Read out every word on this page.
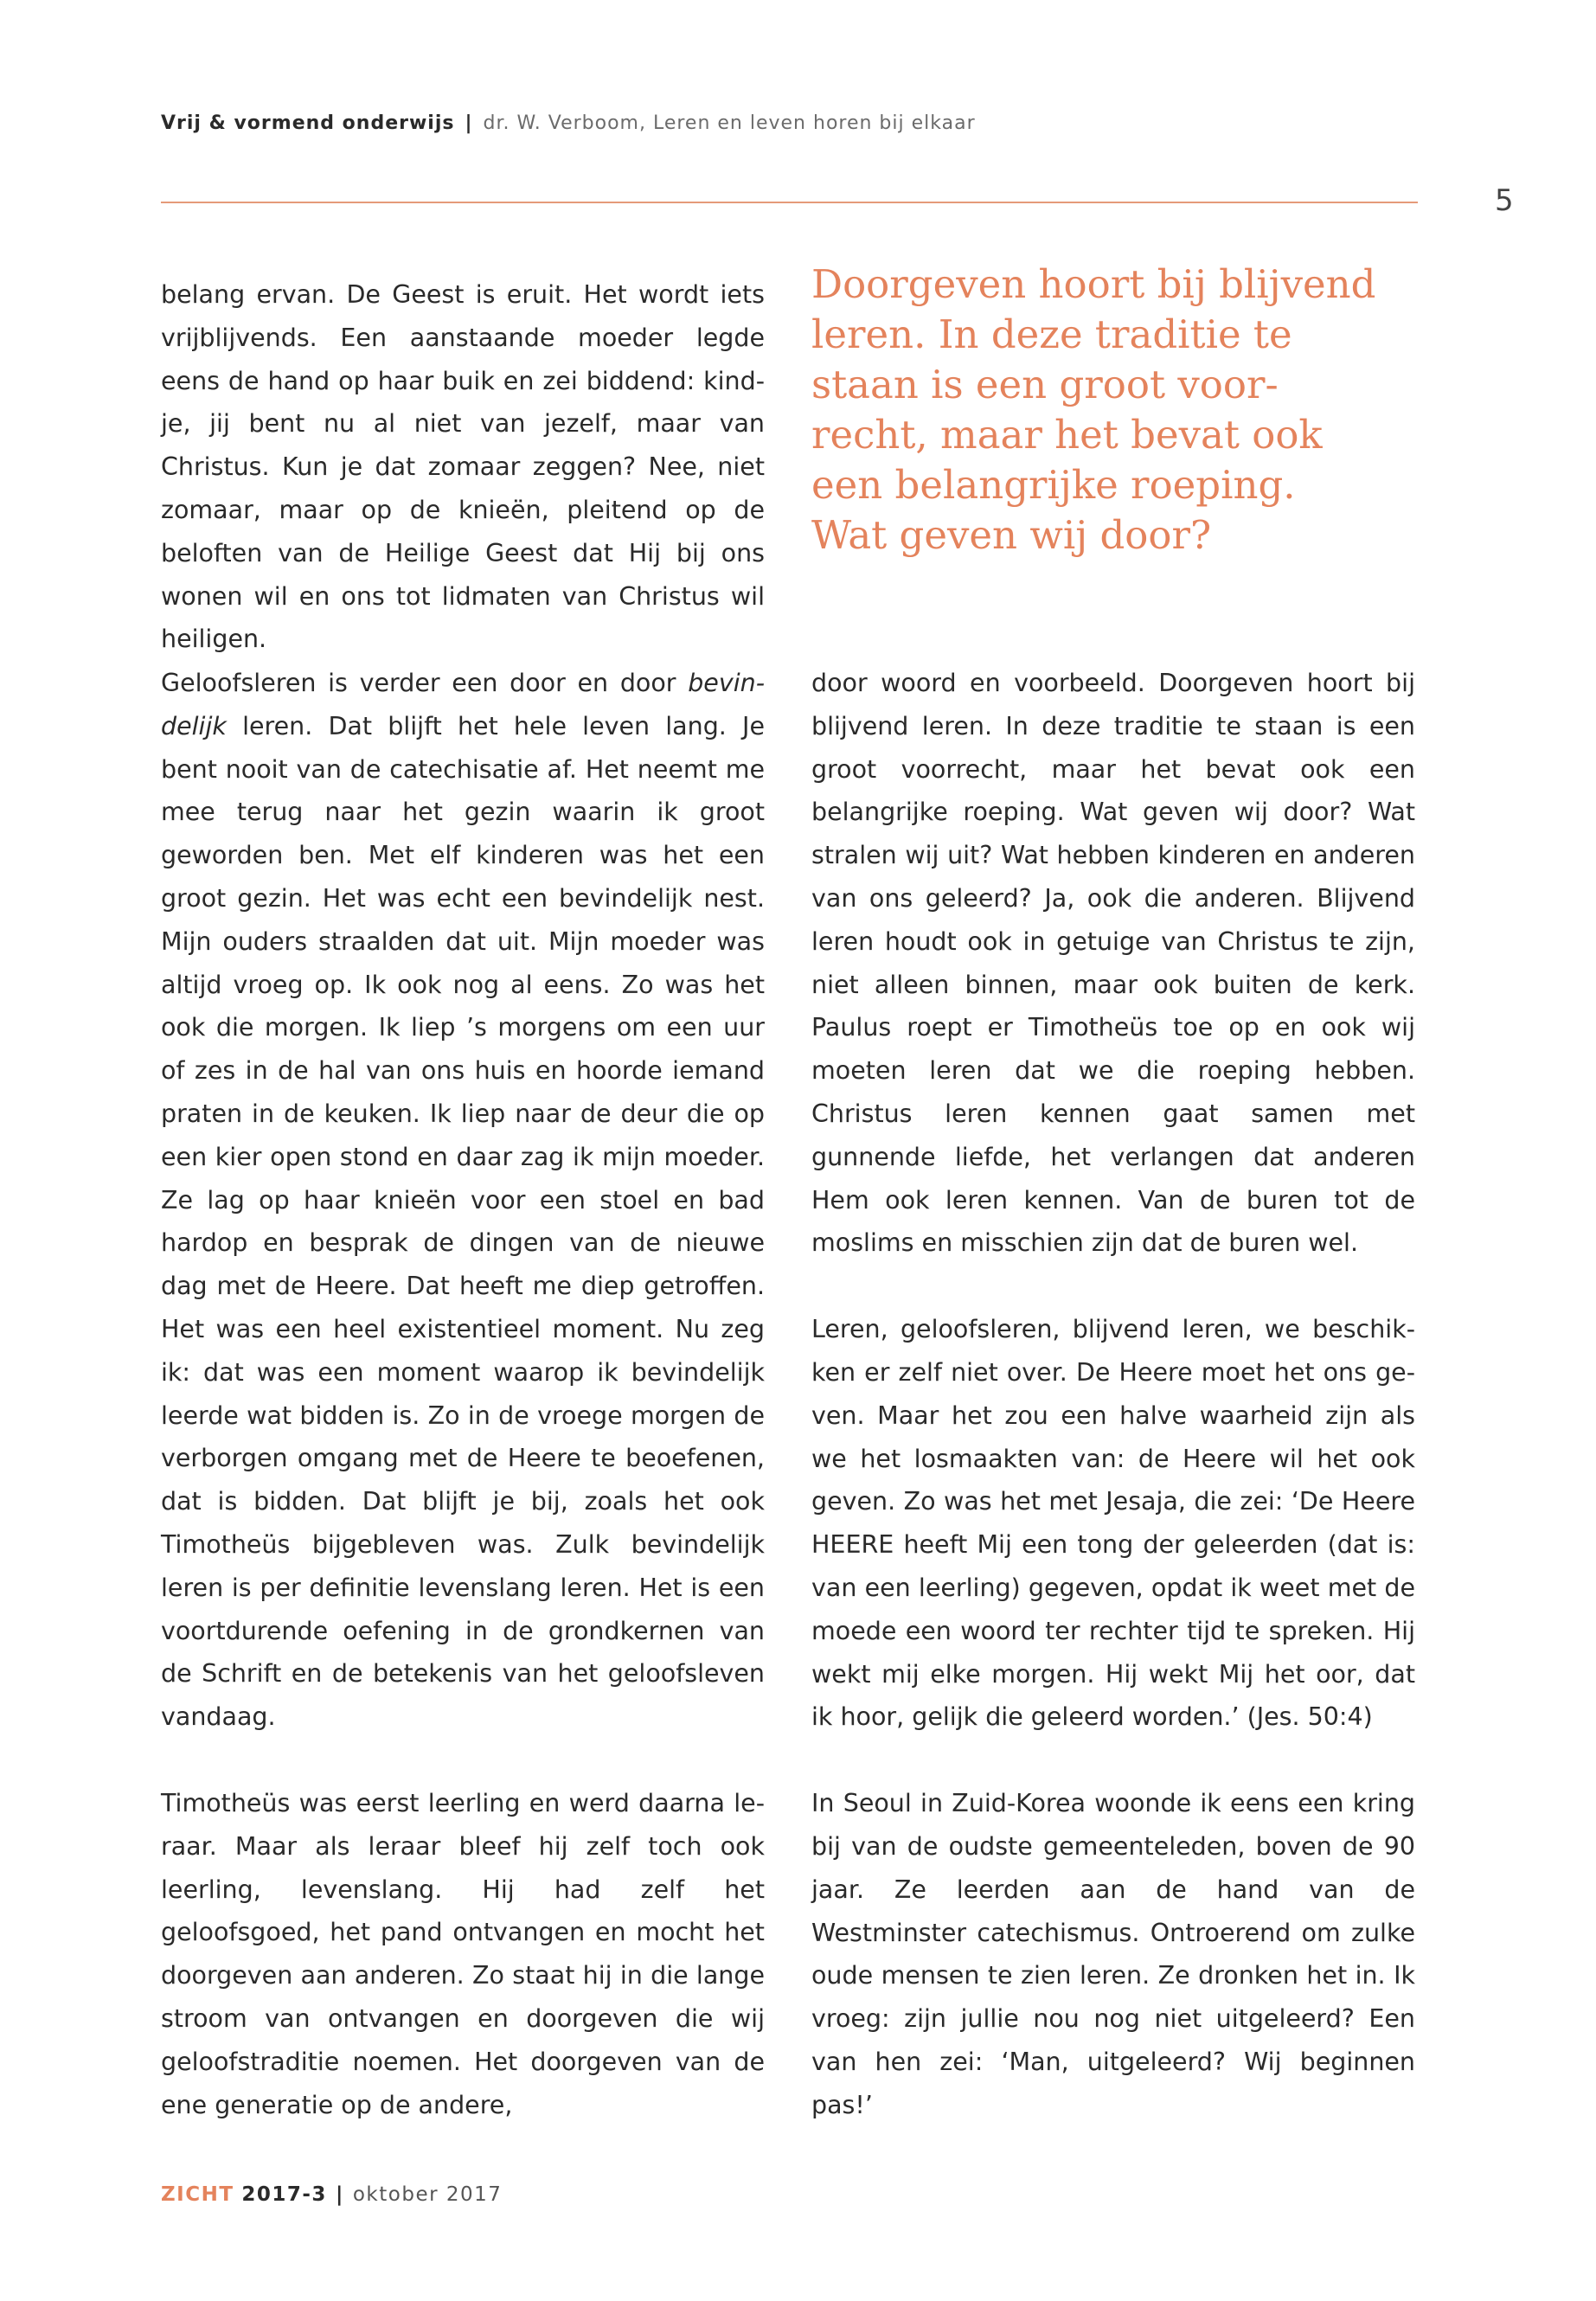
Vrij & vormend onderwijs | dr. W. Verboom, Leren en leven horen bij elkaar
5

belang ervan. De Geest is eruit. Het wordt iets vrijblijvends. Een aanstaande moeder legde eens de hand op haar buik en zei biddend: kindje, jij bent nu al niet van jezelf, maar van Christus. Kun je dat zomaar zeggen? Nee, niet zomaar, maar op de knieën, pleitend op de beloften van de Heilige Geest dat Hij bij ons wonen wil en ons tot lidmaten van Christus wil heiligen.

Doorgeven hoort bij blijvend
leren. In deze traditie te
staan is een groot voor-
recht, maar het bevat ook
een belangrijke roeping.
Wat geven wij door?

Geloofsleren is verder een door en door bevindelijk leren. Dat blijft het hele leven lang. Je bent nooit van de catechisatie af. Het neemt me mee terug naar het gezin waarin ik groot geworden ben. Met elf kinderen was het een groot gezin. Het was echt een bevindelijk nest. Mijn ouders straalden dat uit. Mijn moeder was altijd vroeg op. Ik ook nog al eens. Zo was het ook die morgen. Ik liep ’s morgens om een uur of zes in de hal van ons huis en hoorde iemand praten in de keuken. Ik liep naar de deur die op een kier open stond en daar zag ik mijn moeder. Ze lag op haar knieën voor een stoel en bad hardop en besprak de dingen van de nieuwe dag met de Heere. Dat heeft me diep getroffen. Het was een heel existentieel moment. Nu zeg ik: dat was een moment waarop ik bevindelijk leerde wat bidden is. Zo in de vroege morgen de verborgen omgang met de Heere te beoefenen, dat is bidden. Dat blijft je bij, zoals het ook Timotheüs bijgebleven was. Zulk bevindelijk leren is per definitie levenslang leren. Het is een voortdurende oefening in de grondkernen van de Schrift en de betekenis van het geloofsleven vandaag.

Timotheüs was eerst leerling en werd daarna leraar. Maar als leraar bleef hij zelf toch ook leerling, levenslang. Hij had zelf het geloofsgoed, het pand ontvangen en mocht het doorgeven aan anderen. Zo staat hij in die lange stroom van ontvangen en doorgeven die wij geloofstraditie noemen. Het doorgeven van de ene generatie op de andere,

door woord en voorbeeld. Doorgeven hoort bij blijvend leren. In deze traditie te staan is een groot voorrecht, maar het bevat ook een belangrijke roeping. Wat geven wij door? Wat stralen wij uit? Wat hebben kinderen en anderen van ons geleerd? Ja, ook die anderen. Blijvend leren houdt ook in getuige van Christus te zijn, niet alleen binnen, maar ook buiten de kerk. Paulus roept er Timotheüs toe op en ook wij moeten leren dat we die roeping hebben. Christus leren kennen gaat samen met gunnende liefde, het verlangen dat anderen Hem ook leren kennen. Van de buren tot de moslims en misschien zijn dat de buren wel.

Leren, geloofsleren, blijvend leren, we beschikken er zelf niet over. De Heere moet het ons geven. Maar het zou een halve waarheid zijn als we het losmaakten van: de Heere wil het ook geven. Zo was het met Jesaja, die zei: ‘De Heere HEERE heeft Mij een tong der geleerden (dat is: van een leerling) gegeven, opdat ik weet met de moede een woord ter rechter tijd te spreken. Hij wekt mij elke morgen. Hij wekt Mij het oor, dat ik hoor, gelijk die geleerd worden.’ (Jes. 50:4)

In Seoul in Zuid-Korea woonde ik eens een kring bij van de oudste gemeenteleden, boven de 90 jaar. Ze leerden aan de hand van de Westminster catechismus. Ontroerend om zulke oude mensen te zien leren. Ze dronken het in. Ik vroeg: zijn jullie nou nog niet uitgeleerd? Een van hen zei: ‘Man, uitgeleerd? Wij beginnen pas!’

ZICHT 2017-3 | oktober 2017
